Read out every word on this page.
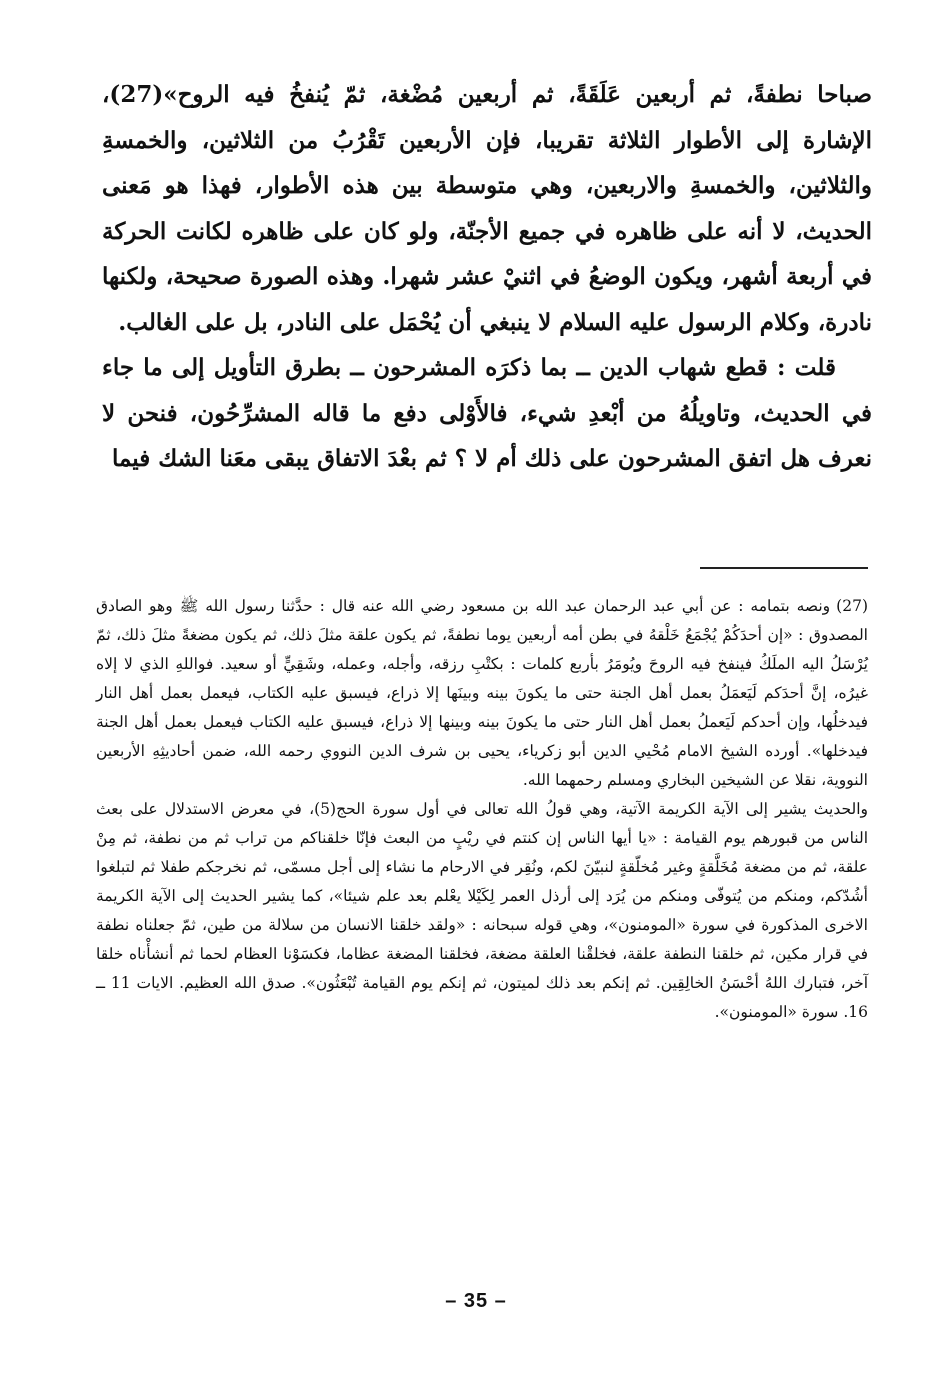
صباحا نطفةً، ثم أربعين عَلَقَةً، ثم أربعين مُضْغة، ثمّ يُنفخُ فيه الروح»(27)، الإشارة إلى الأطوار الثلاثة تقريبا، فإن الأربعين تَقْرُبُ من الثلاثين، والخمسةِ والثلاثين، والخمسةِ والاربعين، وهي متوسطة بين هذه الأطوار، فهذا هو مَعنى الحديث، لا أنه على ظاهره في جميع الأجنّة، ولو كان على ظاهره لكانت الحركة في أربعة أشهر، ويكون الوضعُ في اثنيْ عشر شهرا. وهذه الصورة صحيحة، ولكنها نادرة، وكلام الرسول عليه السلام لا ينبغي أن يُحْمَل على النادر، بل على الغالب.

قلت : قطع شهاب الدين ــ بما ذكرَه المشرحون ــ بطرق التأويل إلى ما جاء في الحديث، وتاويلُهُ من أبْعدِ شيء، فالأَوْلى دفع ما قاله المشرِّحُون، فنحن لا نعرف هل اتفق المشرحون على ذلك أم لا ؟ ثم بعْدَ الاتفاق يبقى معَنا الشك فيما

(27)ونصه بتمامه : عن أبي عبد الرحمان عبد الله بن مسعود رضي الله عنه قال : حدَّثنا رسول الله ﷺ وهو الصادق المصدوق : «إن أحدَكُمْ يُجْمَعُ خَلْقهُ في بطن أمه أربعين يوما نطفةً، ثم يكون علقة مثلَ ذلك، ثم يكون مضغةً مثلَ ذلك، ثمّ يُرْسَلُ اليه الملَكُ فينفخ فيه الروحَ ويُومَرُ بأربع كلمات : بكتْبِ رزقه، وأجله، وعمله، وشَقِيٍّ أو سعيد. فواللهِ الذي لا إلاه غيرُه، إنَّ أحدَكم لَيَعمَلُ بعمل أهل الجنة حتى ما يكونَ بينه وبينَها إلا ذراع، فيسبق عليه الكتاب، فيعمل بعمل أهل النار فيدخلُها، وإن أحدكم لَيَعملُ بعمل أهل النار حتى ما يكونَ بينه وبينها إلا ذراع، فيسبق عليه الكتاب فيعمل بعمل أهل الجنة فيدخلها». أورده الشيخ الامام مُحْيي الدين أبو زكرياء، يحيى بن شرف الدين النووي رحمه الله، ضمن أحاديثِهِ الأربعين النووية، نقلا عن الشيخين البخاري ومسلم رحمهما الله.

والحديث يشير إلى الآية الكريمة الآتية، وهي قولُ الله تعالى في أول سورة الحج(5)، في معرض الاستدلال على بعث الناس من قبورهم يوم القيامة : «يا أيها الناس إن كنتم في ريْبٍ من البعث فإنّا خلقناكم من تراب ثم من نطفة، ثم مِنْ علقة، ثم من مضغة مُخَلَّقةٍ وغير مُخلّقةٍ لنبيّنَ لكم، ونُقِر في الارحام ما نشاء إلى أجل مسمّى، ثم نخرجكم طفلا ثم لتبلغوا أشُدّكم، ومنكم من يُتوفّى ومنكم من يُرَد إلى أرذل العمر لِكَيْلا يعْلم بعد علم شيئا»، كما يشير الحديث إلى الآية الكريمة الاخرى المذكورة في سورة «المومنون»، وهي قوله سبحانه : «ولقد خلقنا الانسان من سلالة من طين، ثمّ جعلناه نطفة في قرار مكين، ثم خلقنا النطفة علقة، فخلقْنا العلقة مضغة، فخلقنا المضغة عظاما، فكسَوْنا العظام لحما ثم أنشأْناه خلقا آخر، فتبارك اللهُ أحْسَنُ الخالِقِين. ثم إنكم بعد ذلك لميتون، ثم إنكم يوم القيامة تُبْعَثُون». صدق الله العظيم. الايات 11 ــ 16. سورة «المومنون».

– 35 –
